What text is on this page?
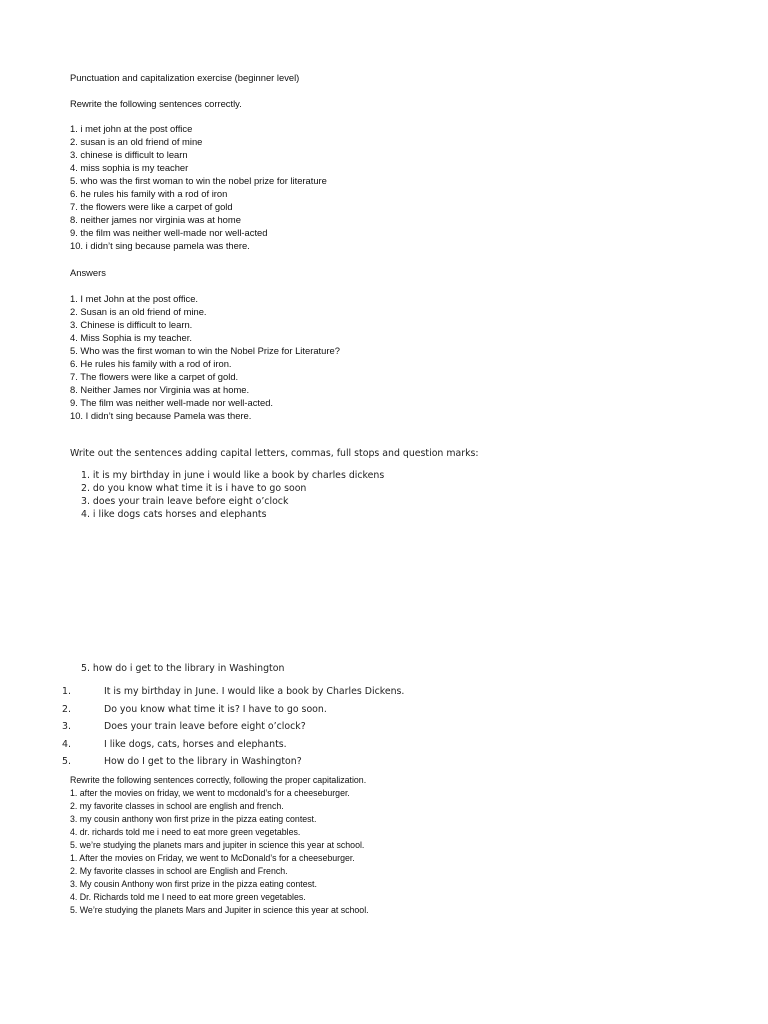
Punctuation and capitalization exercise (beginner level)
Rewrite the following sentences correctly.
1. i met john at the post office
2. susan is an old friend of mine
3. chinese is difficult to learn
4. miss sophia is my teacher
5. who was the first woman to win the nobel prize for literature
6. he rules his family with a rod of iron
7. the flowers were like a carpet of gold
8. neither james nor virginia was at home
9. the film was neither well-made nor well-acted
10. i didn’t sing because pamela was there.
Answers
1. I met John at the post office.
2. Susan is an old friend of mine.
3. Chinese is difficult to learn.
4. Miss Sophia is my teacher.
5. Who was the first woman to win the Nobel Prize for Literature?
6. He rules his family with a rod of iron.
7. The flowers were like a carpet of gold.
8. Neither James nor Virginia was at home.
9. The film was neither well-made nor well-acted.
10. I didn’t sing because Pamela was there.
Write out the sentences adding capital letters, commas, full stops and question marks:
1. it is my birthday in june i would like a book by charles dickens
2. do you know what time it is i have to go soon
3. does your train leave before eight o’clock
4. i like dogs cats horses and elephants
5. how do i get to the library in Washington
1.	It is my birthday in June. I would like a book by Charles Dickens.
2.	Do you know what time it is? I have to go soon.
3.	Does your train leave before eight o’clock?
4.	I like dogs, cats, horses and elephants.
5.	How do I get to the library in Washington?
Rewrite the following sentences correctly, following the proper capitalization.
1. after the movies on friday, we went to mcdonald’s for a cheeseburger.
2. my favorite classes in school are english and french.
3. my cousin anthony won first prize in the pizza eating contest.
4. dr. richards told me i need to eat more green vegetables.
5. we’re studying the planets mars and jupiter in science this year at school.
1. After the movies on Friday, we went to McDonald’s for a cheeseburger.
2. My favorite classes in school are English and French.
3. My cousin Anthony won first prize in the pizza eating contest.
4. Dr. Richards told me I need to eat more green vegetables.
5. We’re studying the planets Mars and Jupiter in science this year at school.
